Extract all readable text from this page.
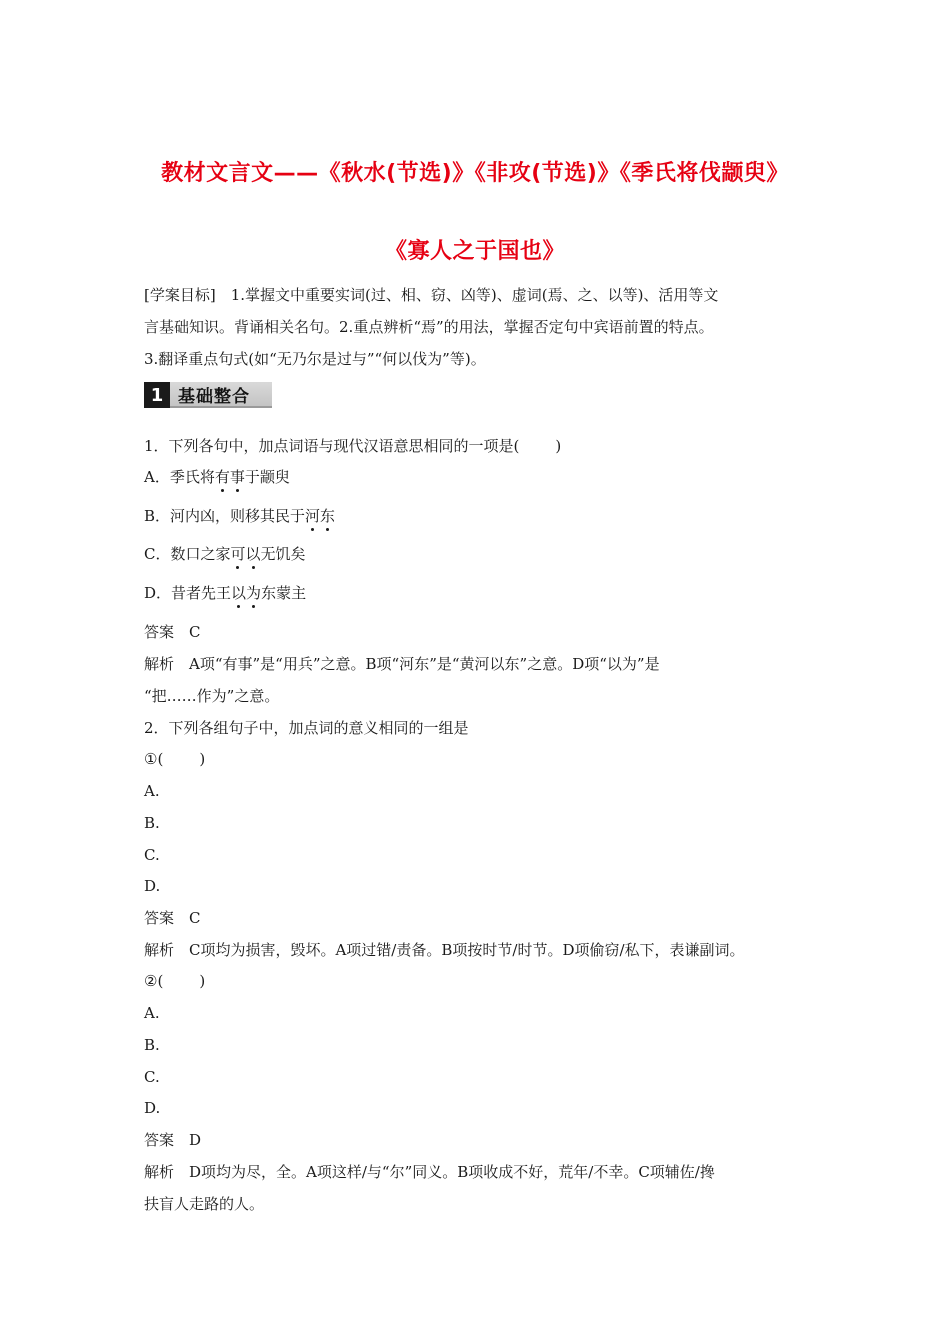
教材文言文——《秋水(节选)》《非攻(节选)》《季氏将伐颛臾》
《寡人之于国也》
[学案目标]　1.掌握文中重要实词(过、相、窃、凶等)、虚词(焉、之、以等)、活用等文
言基础知识。背诵相关名句。2.重点辨析“焉”的用法，掌握否定句中宾语前置的特点。
3.翻译重点句式(如“无乃尔是过与”“何以伐为”等)。
1 基础整合
1．下列各句中，加点词语与现代汉语意思相同的一项是( )
A．季氏将有事于颛臾
B．河内凶，则移其民于河东
C．数口之家可以无饥矣
D．昔者先王以为东蒙主
答案　C
解析　A项“有事”是“用兵”之意。B项“河东”是“黄河以东”之意。D项“以为”是
“把……作为”之意。
2．下列各组句子中，加点词的意义相同的一组是
①( )
A.
B.
C.
D.
答案　C
解析　C项均为损害，毁坏。A项过错/责备。B项按时节/时节。D项偷窃/私下，表谦副词。
②( )
A.
B.
C.
D.
答案　D
解析　D项均为尽，全。A项这样/与“尔”同义。B项收成不好，荒年/不幸。C项辅佐/搀
扶盲人走路的人。
